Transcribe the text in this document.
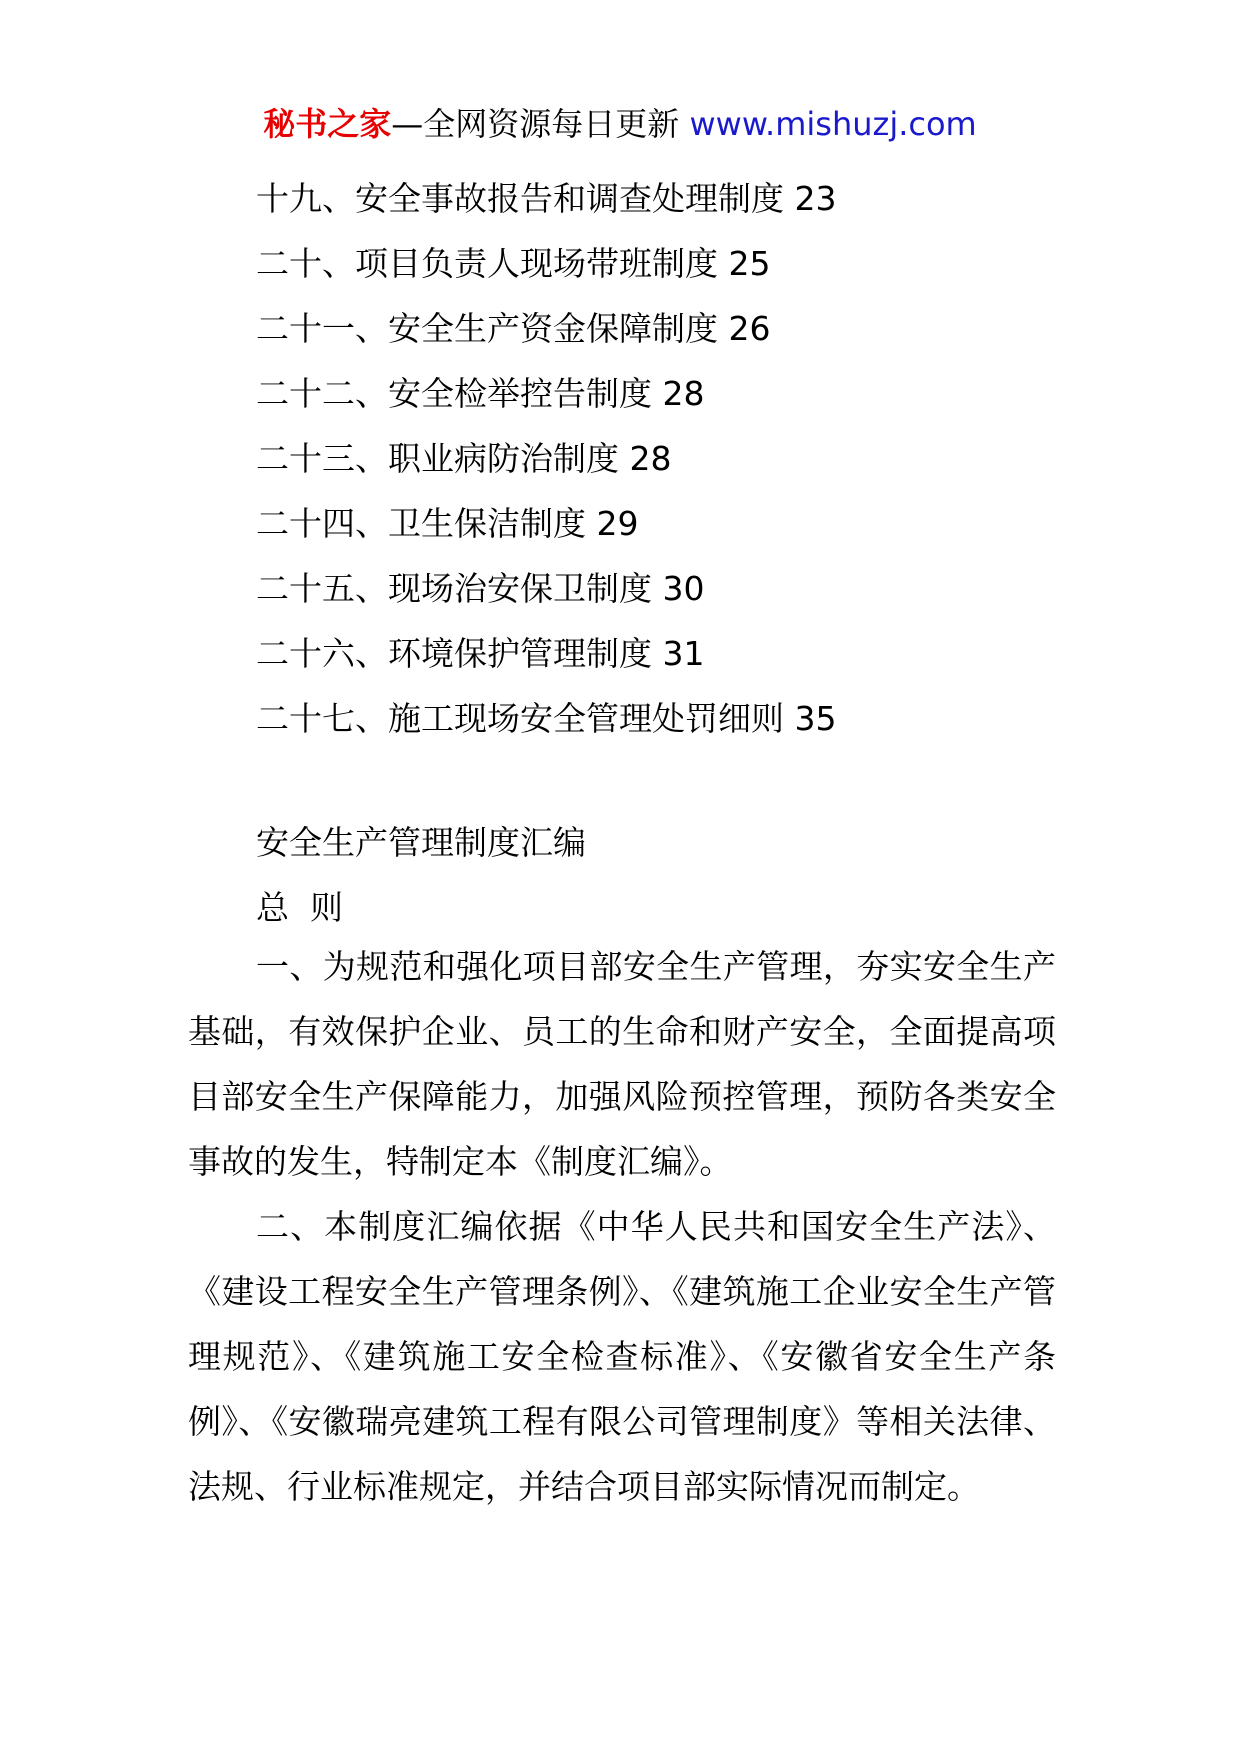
秘书之家—全网资源每日更新 www.mishuzj.com
十九、安全事故报告和调查处理制度 23
二十、项目负责人现场带班制度 25
二十一、安全生产资金保障制度 26
二十二、安全检举控告制度 28
二十三、职业病防治制度 28
二十四、卫生保洁制度 29
二十五、现场治安保卫制度 30
二十六、环境保护管理制度 31
二十七、施工现场安全管理处罚细则 35
安全生产管理制度汇编
总  则

一、为规范和强化项目部安全生产管理，夯实安全生产基础，有效保护企业、员工的生命和财产安全，全面提高项目部安全生产保障能力，加强风险预控管理，预防各类安全事故的发生，特制定本《制度汇编》。

二、本制度汇编依据《中华人民共和国安全生产法》、《建设工程安全生产管理条例》、《建筑施工企业安全生产管理规范》、《建筑施工安全检查标准》、《安徽省安全生产条例》、《安徽瑞亮建筑工程有限公司管理制度》等相关法律、法规、行业标准规定，并结合项目部实际情况而制定。
